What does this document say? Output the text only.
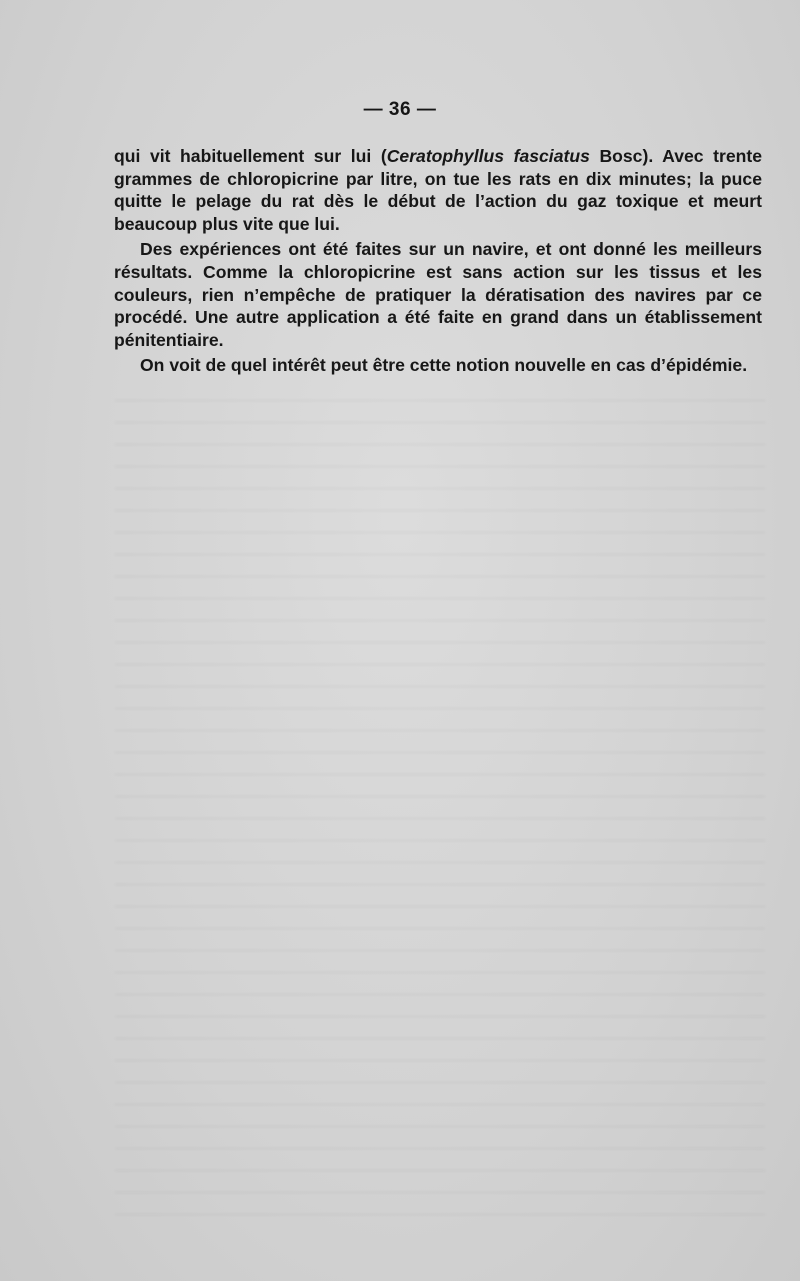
— 36 —

qui vit habituellement sur lui (Ceratophyllus fasciatus Bosc). Avec trente grammes de chloropicrine par litre, on tue les rats en dix minutes; la puce quitte le pelage du rat dès le début de l’action du gaz toxique et meurt beaucoup plus vite que lui.

Des expériences ont été faites sur un navire, et ont donné les meilleurs résultats. Comme la chloropicrine est sans action sur les tissus et les couleurs, rien n’empêche de pratiquer la dératisation des navires par ce procédé. Une autre application a été faite en grand dans un établissement pénitentiaire.

On voit de quel intérêt peut être cette notion nouvelle en cas d’épidémie.
